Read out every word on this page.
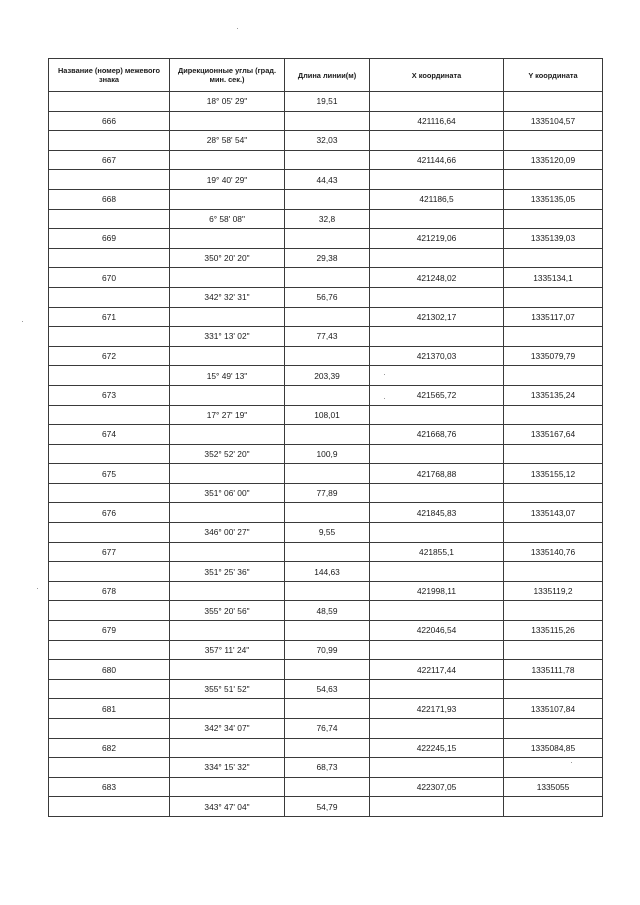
Название (номер) межевого знака	Дирекционные углы (град. мин. сек.)	Длина линии(м)	Х координата	Y координата
	18° 05' 29"	19,51		
666			421116,64	1335104,57
	28° 58' 54"	32,03		
667			421144,66	1335120,09
	19° 40' 29"	44,43		
668			421186,5	1335135,05
	6° 58' 08"	32,8		
669			421219,06	1335139,03
	350° 20' 20"	29,38		
670			421248,02	1335134,1
	342° 32' 31"	56,76		
671			421302,17	1335117,07
	331° 13' 02"	77,43		
672			421370,03	1335079,79
	15° 49' 13"	203,39		
673			421565,72	1335135,24
	17° 27' 19"	108,01		
674			421668,76	1335167,64
	352° 52' 20"	100,9		
675			421768,88	1335155,12
	351° 06' 00"	77,89		
676			421845,83	1335143,07
	346° 00' 27"	9,55		
677			421855,1	1335140,76
	351° 25' 36"	144,63		
678			421998,11	1335119,2
	355° 20' 56"	48,59		
679			422046,54	1335115,26
	357° 11' 24"	70,99		
680			422117,44	1335111,78
	355° 51' 52"	54,63		
681			422171,93	1335107,84
	342° 34' 07"	76,74		
682			422245,15	1335084,85
	334° 15' 32"	68,73		
683			422307,05	1335055
	343° 47' 04"	54,79		
